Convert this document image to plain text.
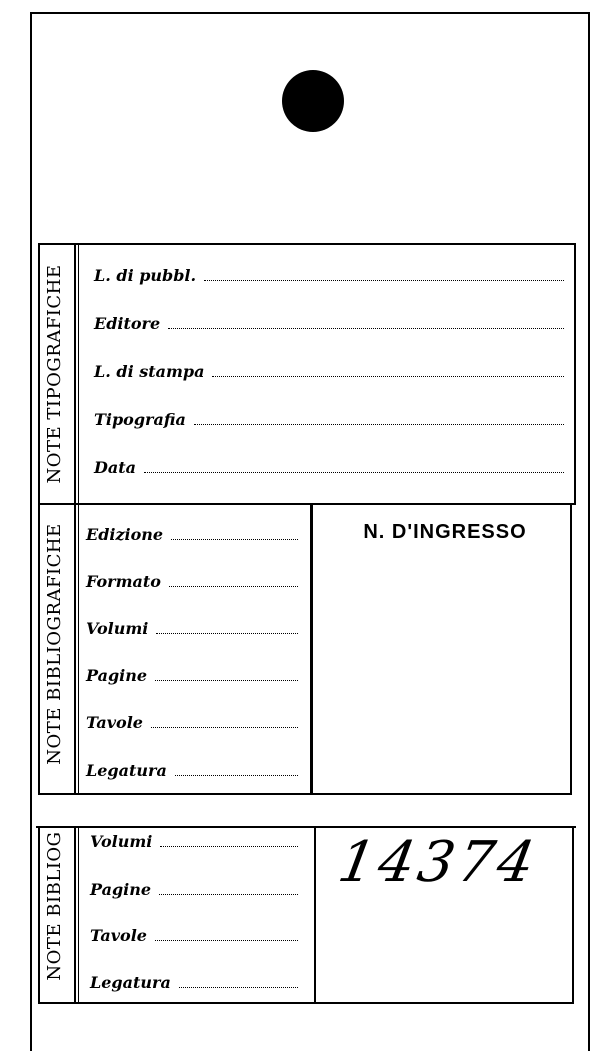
NOTE TIPOGRAFICHE	L. di pubbl.
Editore
L. di stampa
Tipografia
Data
NOTE BIBLIOGRAFICHE	Edizione
Formato
Volumi
Pagine
Tavole
Legatura
N. D'INGRESSO
NOTE BIBLIOG	Volumi
Pagine
Tavole
Legatura
14374
